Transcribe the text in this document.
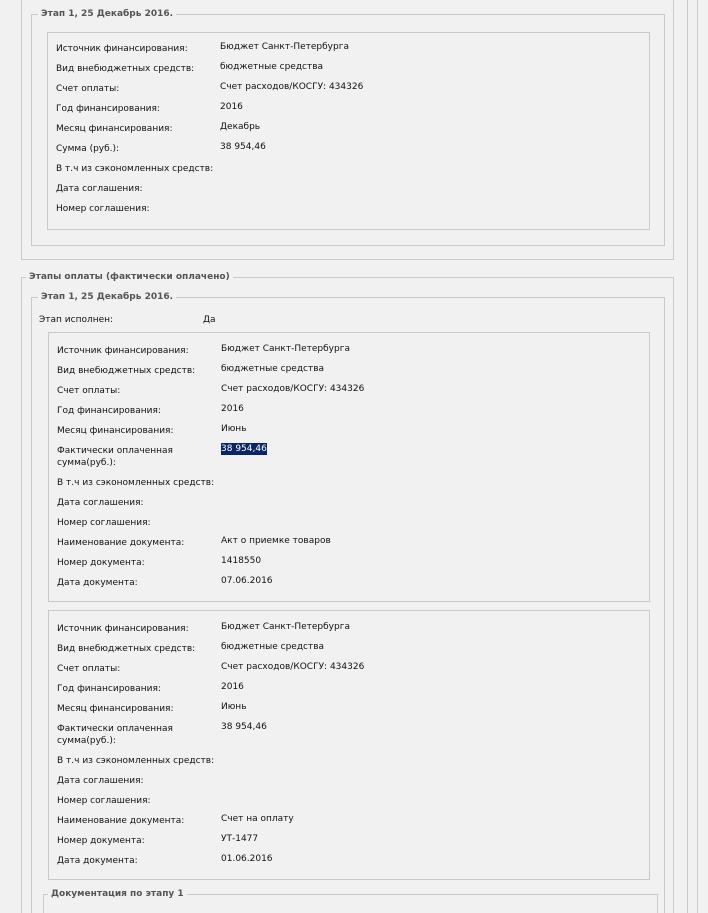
Этап 1, 25 Декабрь 2016.
Источник финансирования:	Бюджет Санкт-Петербурга
Вид внебюджетных средств:	бюджетные средства
Счет оплаты:	Счет расходов/КОСГУ: 434326
Год финансирования:	2016
Месяц финансирования:	Декабрь
Сумма (руб.):	38 954,46
В т.ч из сэкономленных средств:
Дата соглашения:
Номер соглашения:
Этапы оплаты (фактически оплачено)
Этап 1, 25 Декабрь 2016.
Этап исполнен:	Да
Источник финансирования:	Бюджет Санкт-Петербурга
Вид внебюджетных средств:	бюджетные средства
Счет оплаты:	Счет расходов/КОСГУ: 434326
Год финансирования:	2016
Месяц финансирования:	Июнь
Фактически оплаченная сумма(руб.):
38 954,46
В т.ч из сэкономленных средств:
Дата соглашения:
Номер соглашения:
Наименование документа:	Акт о приемке товаров
Номер документа:	1418550
Дата документа:	07.06.2016
Источник финансирования:	Бюджет Санкт-Петербурга
Вид внебюджетных средств:	бюджетные средства
Счет оплаты:	Счет расходов/КОСГУ: 434326
Год финансирования:	2016
Месяц финансирования:	Июнь
Фактически оплаченная сумма(руб.):
38 954,46
В т.ч из сэкономленных средств:
Дата соглашения:
Номер соглашения:
Наименование документа:	Счет на оплату
Номер документа:	УТ-1477
Дата документа:	01.06.2016
Документация по этапу 1
